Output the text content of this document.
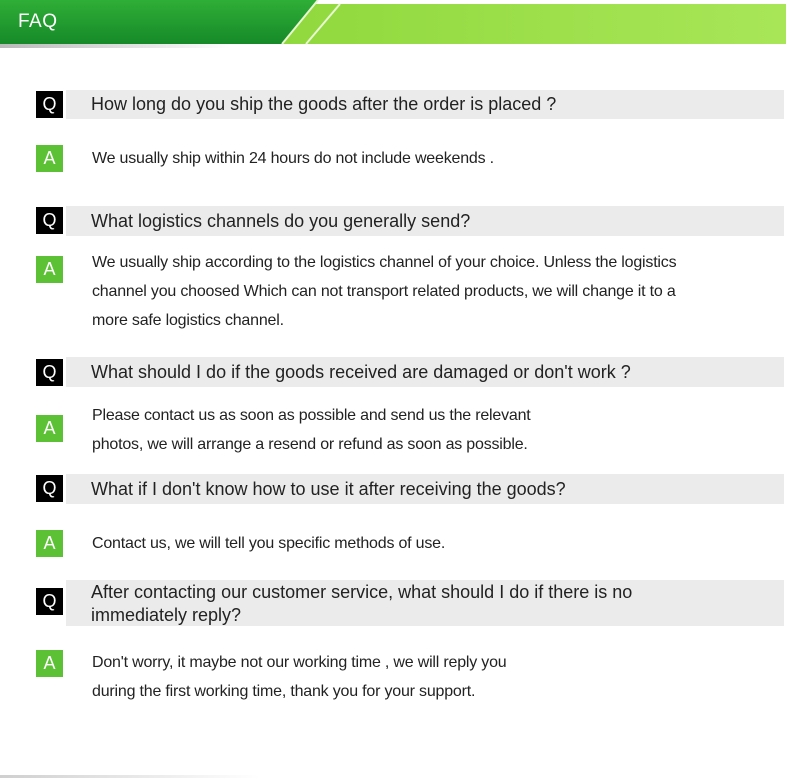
FAQ
Q	How long do you ship the goods after the order is placed ?
A	We usually ship within 24 hours do not include weekends .
Q	What logistics channels do you generally send?
A	We usually ship according to the logistics channel of your choice. Unless the logistics
channel you choosed Which can not transport related products, we will change it to a
more safe logistics channel.
Q	What should I do if the goods received are damaged or don't work ?
A
Please contact us as soon as possible and send us the relevant
photos, we will arrange a resend or refund as soon as possible.
Q	What if I don't know how to use it after receiving the goods?
A	Contact us, we will tell you specific methods of use.
Q	After contacting our customer service, what should I do if there is no
immediately reply?
A	Don't worry, it maybe not our working time , we will reply you
during the first working time, thank you for your support.
